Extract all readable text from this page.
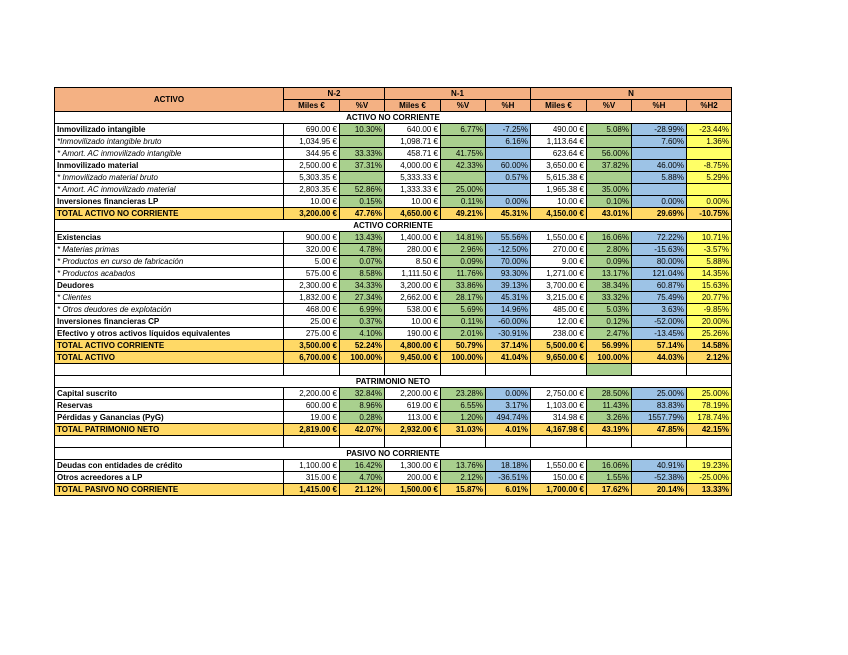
ACTIVO	N-2		N-1			N			
	Miles €	%V	Miles €	%V	%H	Miles €	%V	%H	%H2
ACTIVO NO CORRIENTE									
Inmovilizado intangible	690.00 €	10.30%	640.00 €	6.77%	-7.25%	490.00 €	5.08%	-28.99%	-23.44%
*Inmovilizado intangible bruto	1,034.95 €		1,098.71 €		6.16%	1,113.64 €		7.60%	1.36%
* Amort. AC inmovilizado intangible	344.95 €	33.33%	458.71 €	41.75%		623.64 €	56.00%		
Inmovilizado material	2,500.00 €	37.31%	4,000.00 €	42.33%	60.00%	3,650.00 €	37.82%	46.00%	-8.75%
* Inmovilizado material bruto	5,303.35 €		5,333.33 €		0.57%	5,615.38 €		5.88%	5.29%
* Amort. AC inmovilizado material	2,803.35 €	52.86%	1,333.33 €	25.00%		1,965.38 €	35.00%		
Inversiones financieras LP	10.00 €	0.15%	10.00 €	0.11%	0.00%	10.00 €	0.10%	0.00%	0.00%
TOTAL ACTIVO NO CORRIENTE	3,200.00 €	47.76%	4,650.00 €	49.21%	45.31%	4,150.00 €	43.01%	29.69%	-10.75%
ACTIVO CORRIENTE									
Existencias	900.00 €	13.43%	1,400.00 €	14.81%	55.56%	1,550.00 €	16.06%	72.22%	10.71%
* Materias primas	320.00 €	4.78%	280.00 €	2.96%	-12.50%	270.00 €	2.80%	-15.63%	-3.57%
* Productos en curso de fabricación	5.00 €	0.07%	8.50 €	0.09%	70.00%	9.00 €	0.09%	80.00%	5.88%
* Productos acabados	575.00 €	8.58%	1,111.50 €	11.76%	93.30%	1,271.00 €	13.17%	121.04%	14.35%
Deudores	2,300.00 €	34.33%	3,200.00 €	33.86%	39.13%	3,700.00 €	38.34%	60.87%	15.63%
* Clientes	1,832.00 €	27.34%	2,662.00 €	28.17%	45.31%	3,215.00 €	33.32%	75.49%	20.77%
* Otros deudores de explotación	468.00 €	6.99%	538.00 €	5.69%	14.96%	485.00 €	5.03%	3.63%	-9.85%
Inversiones financieras CP	25.00 €	0.37%	10.00 €	0.11%	-60.00%	12.00 €	0.12%	-52.00%	20.00%
Efectivo y otros activos líquidos equivalentes	275.00 €	4.10%	190.00 €	2.01%	-30.91%	238.00 €	2.47%	-13.45%	25.26%
TOTAL ACTIVO CORRIENTE	3,500.00 €	52.24%	4,800.00 €	50.79%	37.14%	5,500.00 €	56.99%	57.14%	14.58%
TOTAL ACTIVO	6,700.00 €	100.00%	9,450.00 €	100.00%	41.04%	9,650.00 €	100.00%	44.03%	2.12%

PATRIMONIO NETO									
Capital suscrito	2,200.00 €	32.84%	2,200.00 €	23.28%	0.00%	2,750.00 €	28.50%	25.00%	25.00%
Reservas	600.00 €	8.96%	619.00 €	6.55%	3.17%	1,103.00 €	11.43%	83.83%	78.19%
Pérdidas y Ganancias (PyG)	19.00 €	0.28%	113.00 €	1.20%	494.74%	314.98 €	3.26%	1557.79%	178.74%
TOTAL PATRIMONIO NETO	2,819.00 €	42.07%	2,932.00 €	31.03%	4.01%	4,167.98 €	43.19%	47.85%	42.15%

PASIVO NO CORRIENTE									
Deudas con entidades de crédito	1,100.00 €	16.42%	1,300.00 €	13.76%	18.18%	1,550.00 €	16.06%	40.91%	19.23%
Otros acreedores a LP	315.00 €	4.70%	200.00 €	2.12%	-36.51%	150.00 €	1.55%	-52.38%	-25.00%
TOTAL PASIVO NO CORRIENTE	1,415.00 €	21.12%	1,500.00 €	15.87%	6.01%	1,700.00 €	17.62%	20.14%	13.33%
